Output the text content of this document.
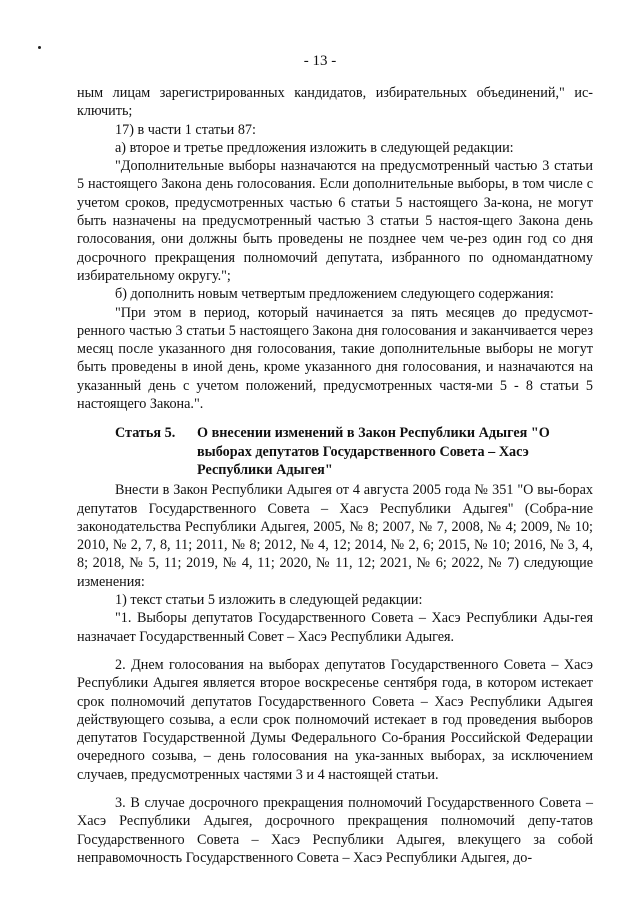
- 13 -

ным лицам зарегистрированных кандидатов, избирательных объединений," ис-ключить;

17) в части 1 статьи 87:

а) второе и третье предложения изложить в следующей редакции:

"Дополнительные выборы назначаются на предусмотренный частью 3 статьи 5 настоящего Закона день голосования. Если дополнительные выборы, в том числе с учетом сроков, предусмотренных частью 6 статьи 5 настоящего За-кона, не могут быть назначены на предусмотренный частью 3 статьи 5 настоя-щего Закона день голосования, они должны быть проведены не позднее чем че-рез один год со дня досрочного прекращения полномочий депутата, избранного по одномандатному избирательному округу.";

б) дополнить новым четвертым предложением следующего содержания:

"При этом в период, который начинается за пять месяцев до предусмот-ренного частью 3 статьи 5 настоящего Закона дня голосования и заканчивается через месяц после указанного дня голосования, такие дополнительные выборы не могут быть проведены в иной день, кроме указанного дня голосования, и назначаются на указанный день с учетом положений, предусмотренных частя-ми 5 - 8 статьи 5 настоящего Закона.".

Статья 5.	О внесении изменений в Закон Республики Адыгея "О выборах депутатов Государственного Совета – Хасэ Республики Адыгея"

Внести в Закон Республики Адыгея от 4 августа 2005 года № 351 "О вы-борах депутатов Государственного Совета – Хасэ Республики Адыгея" (Собра-ние законодательства Республики Адыгея, 2005, № 8; 2007, № 7, 2008, № 4; 2009, № 10; 2010, № 2, 7, 8, 11; 2011, № 8; 2012, № 4, 12; 2014, № 2, 6; 2015, № 10; 2016, № 3, 4, 8; 2018, № 5, 11; 2019, № 4, 11; 2020, № 11, 12; 2021, № 6; 2022, № 7) следующие изменения:

1) текст статьи 5 изложить в следующей редакции:

"1. Выборы депутатов Государственного Совета – Хасэ Республики Ады-гея назначает Государственный Совет – Хасэ Республики Адыгея.

2. Днем голосования на выборах депутатов Государственного Совета – Хасэ Республики Адыгея является второе воскресенье сентября года, в котором истекает срок полномочий депутатов Государственного Совета – Хасэ Республики Адыгея действующего созыва, а если срок полномочий истекает в год проведения выборов депутатов Государственной Думы Федерального Со-брания Российской Федерации очередного созыва, – день голосования на ука-занных выборах, за исключением случаев, предусмотренных частями 3 и 4 настоящей статьи.

3. В случае досрочного прекращения полномочий Государственного Совета – Хасэ Республики Адыгея, досрочного прекращения полномочий депу-татов Государственного Совета – Хасэ Республики Адыгея, влекущего за собой неправомочность Государственного Совета – Хасэ Республики Адыгея, до-
